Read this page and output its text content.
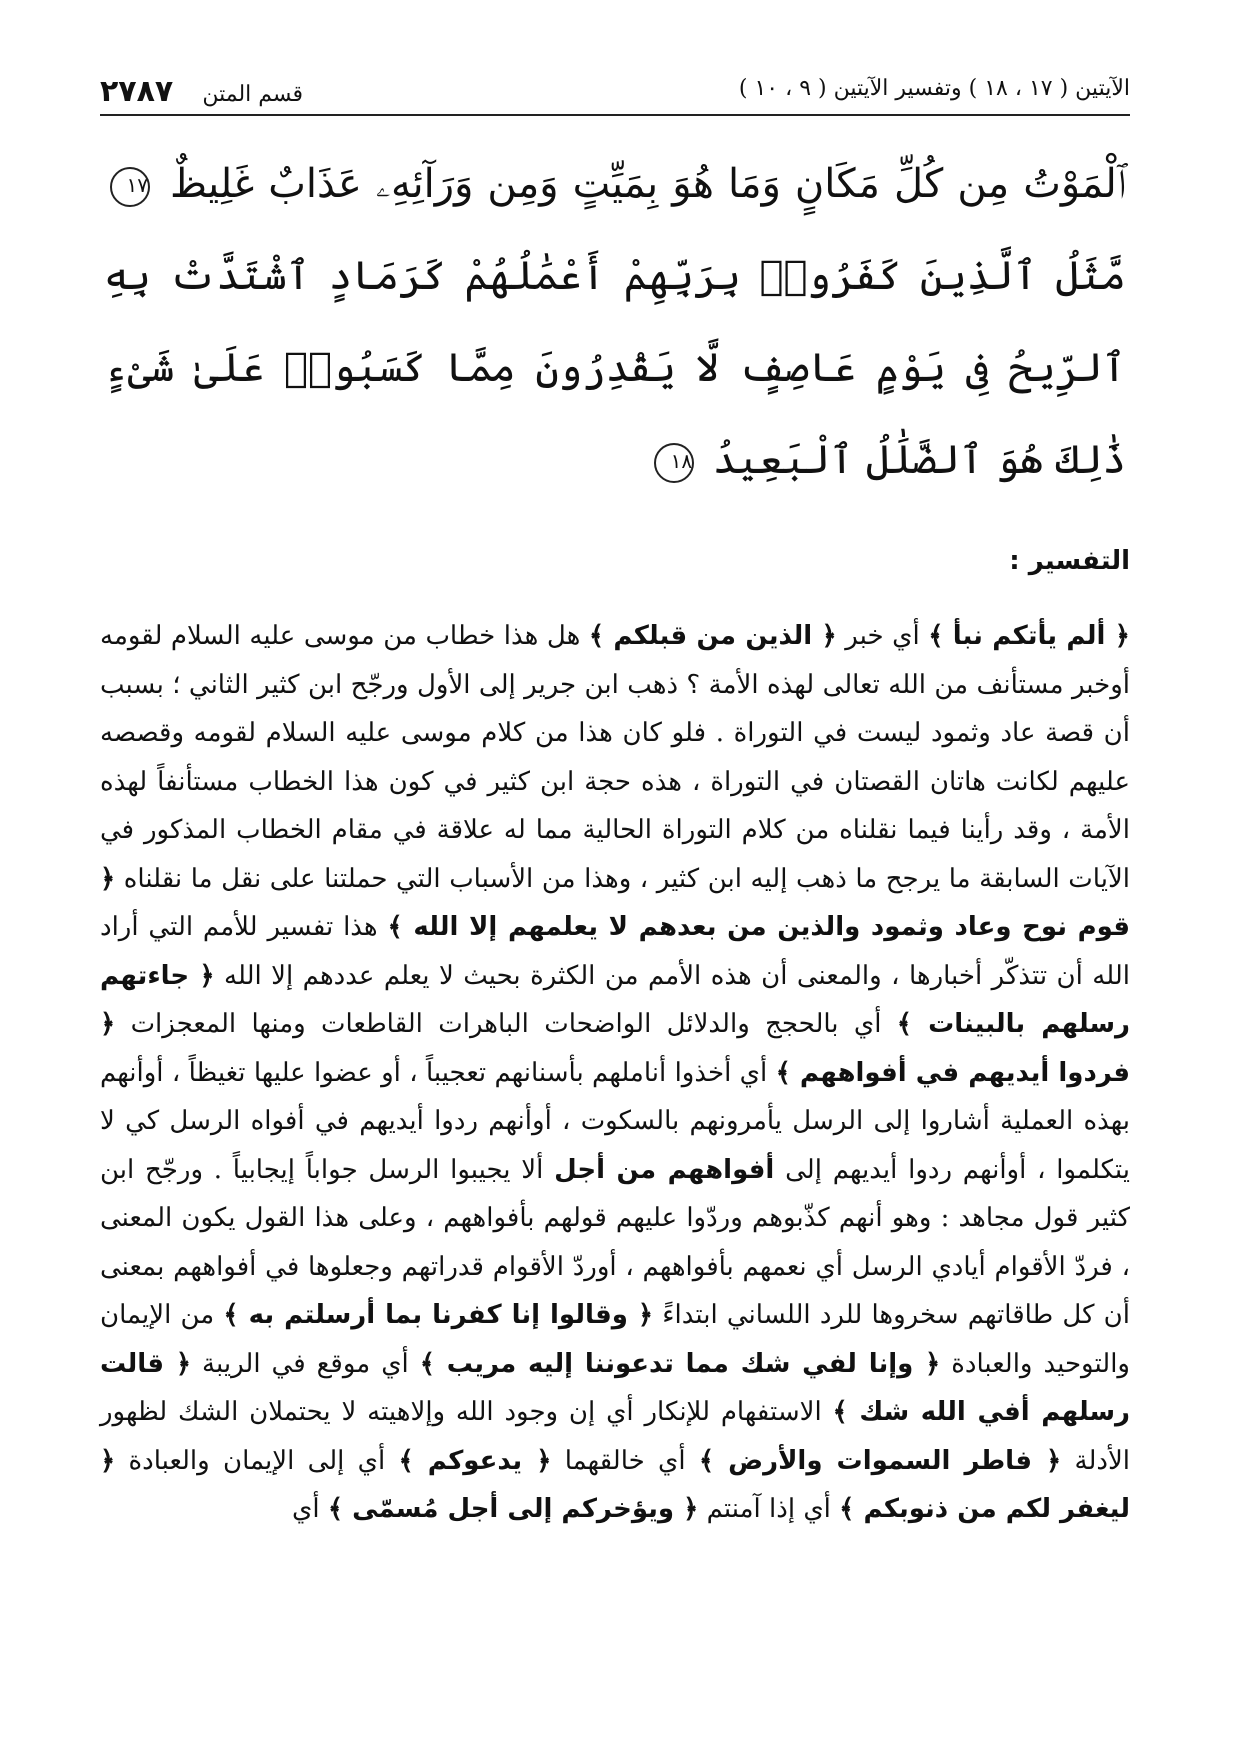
الآيتين ( ١٧ ، ١٨ ) وتفسير الآيتين ( ٩ ، ١٠ )
قسم المتن ٢٧٨٧
ٱلْمَوْتُ مِن كُلِّ مَكَانٍ وَمَا هُوَ بِمَيِّتٍ وَمِن وَرَآئِهِۦ عَذَابٌ غَلِيظٌ ١٧ مَّثَلُ ٱلَّذِينَ كَفَرُوا۟ بِرَبِّهِمْ أَعْمَٰلُهُمْ كَرَمَادٍ ٱشْتَدَّتْ بِهِ ٱلرِّيحُ فِى يَوْمٍ عَاصِفٍ لَّا يَقْدِرُونَ مِمَّا كَسَبُوا۟ عَلَىٰ شَىْءٍ ذَٰلِكَ هُوَ ٱلضَّلَٰلُ ٱلْبَعِيدُ ١٨
التفسير :
﴿ ألم يأتكم نبأ ﴾ أي خبر ﴿ الذين من قبلكم ﴾ هل هذا خطاب من موسى عليه السلام لقومه أوخبر مستأنف من الله تعالى لهذه الأمة ؟ ذهب ابن جرير إلى الأول ورجّح ابن كثير الثاني ؛ بسبب أن قصة عاد وثمود ليست في التوراة . فلو كان هذا من كلام موسى عليه السلام لقومه وقصصه عليهم لكانت هاتان القصتان في التوراة ، هذه حجة ابن كثير في كون هذا الخطاب مستأنفاً لهذه الأمة ، وقد رأينا فيما نقلناه من كلام التوراة الحالية مما له علاقة في مقام الخطاب المذكور في الآيات السابقة ما يرجح ما ذهب إليه ابن كثير ، وهذا من الأسباب التي حملتنا على نقل ما نقلناه ﴿ قوم نوح وعاد وثمود والذين من بعدهم لا يعلمهم إلا الله ﴾ هذا تفسير للأمم التي أراد الله أن تتذكّر أخبارها ، والمعنى أن هذه الأمم من الكثرة بحيث لا يعلم عددهم إلا الله ﴿ جاءتهم رسلهم بالبينات ﴾ أي بالحجج والدلائل الواضحات الباهرات القاطعات ومنها المعجزات ﴿ فردوا أيديهم في أفواههم ﴾ أي أخذوا أناملهم بأسنانهم تعجيباً ، أو عضوا عليها تغيظاً ، أوأنهم بهذه العملية أشاروا إلى الرسل يأمرونهم بالسكوت ، أوأنهم ردوا أيديهم في أفواه الرسل كي لا يتكلموا ، أوأنهم ردوا أيديهم إلى أفواههم من أجل ألا يجيبوا الرسل جواباً إيجابياً . ورجّح ابن كثير قول مجاهد : وهو أنهم كذّبوهم وردّوا عليهم قولهم بأفواههم ، وعلى هذا القول يكون المعنى ، فردّ الأقوام أيادي الرسل أي نعمهم بأفواههم ، أوردّ الأقوام قدراتهم وجعلوها في أفواههم بمعنى أن كل طاقاتهم سخروها للرد اللساني ابتداءً ﴿ وقالوا إنا كفرنا بما أرسلتم به ﴾ من الإيمان والتوحيد والعبادة ﴿ وإنا لفي شك مما تدعوننا إليه مريب ﴾ أي موقع في الريبة ﴿ قالت رسلهم أفي الله شك ﴾ الاستفهام للإنكار أي إن وجود الله وإلاهيته لا يحتملان الشك لظهور الأدلة ﴿ فاطر السموات والأرض ﴾ أي خالقهما ﴿ يدعوكم ﴾ أي إلى الإيمان والعبادة ﴿ ليغفر لكم من ذنوبكم ﴾ أي إذا آمنتم ﴿ ويؤخركم إلى أجل مُسمّى ﴾ أي
